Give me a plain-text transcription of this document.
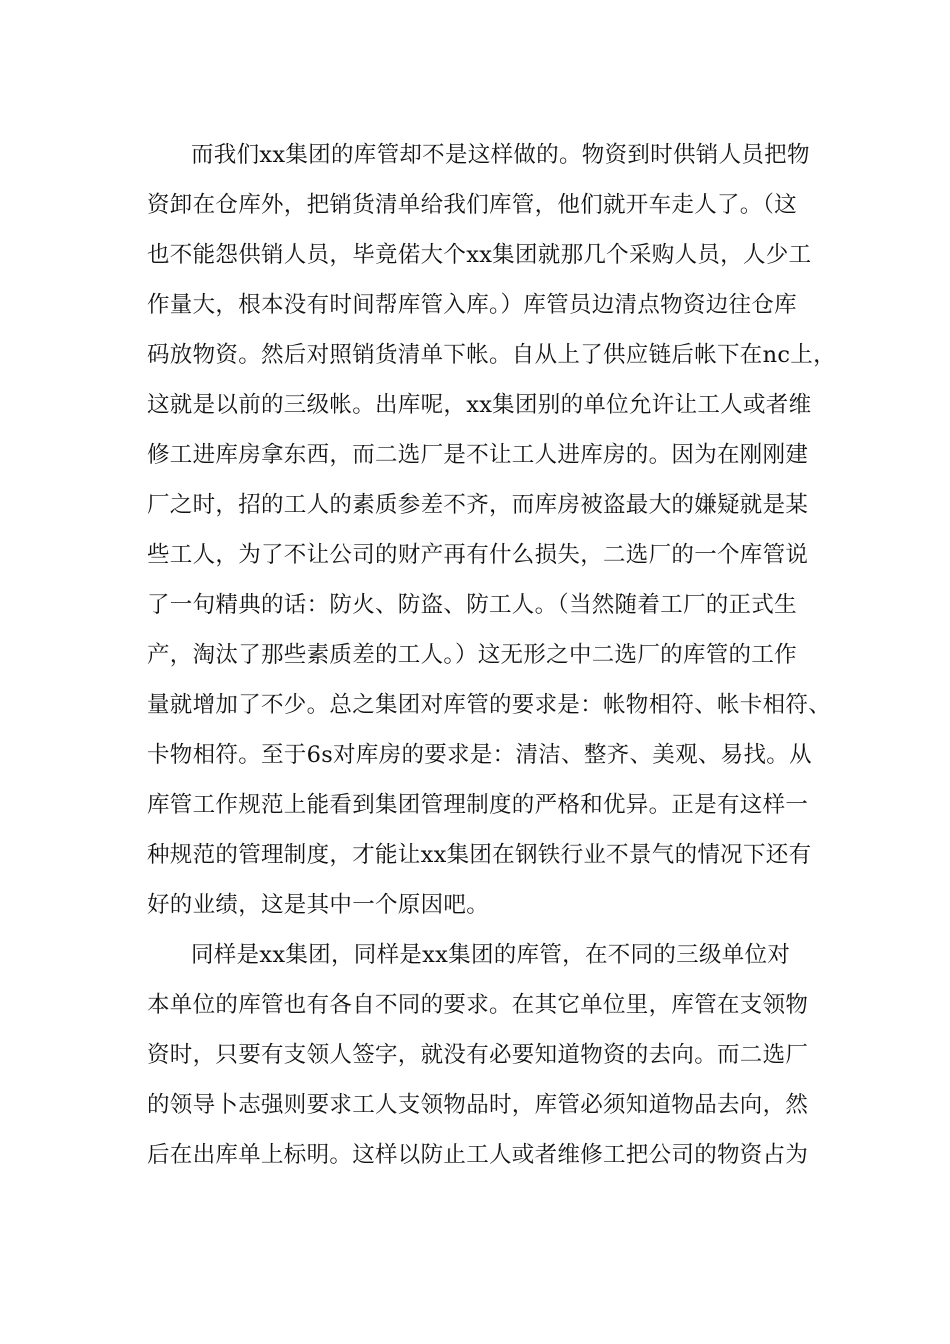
而我们xx集团的库管却不是这样做的。物资到时供销人员把物
资卸在仓库外，把销货清单给我们库管，他们就开车走人了。（这
也不能怨供销人员，毕竟偌大个xx集团就那几个采购人员，人少工
作量大，根本没有时间帮库管入库。）库管员边清点物资边往仓库
码放物资。然后对照销货清单下帐。自从上了供应链后帐下在nc上，
这就是以前的三级帐。出库呢，xx集团别的单位允许让工人或者维
修工进库房拿东西，而二选厂是不让工人进库房的。因为在刚刚建
厂之时，招的工人的素质参差不齐，而库房被盗最大的嫌疑就是某
些工人，为了不让公司的财产再有什么损失，二选厂的一个库管说
了一句精典的话：防火、防盗、防工人。（当然随着工厂的正式生
产，淘汰了那些素质差的工人。）这无形之中二选厂的库管的工作
量就增加了不少。总之集团对库管的要求是：帐物相符、帐卡相符、
卡物相符。至于6s对库房的要求是：清洁、整齐、美观、易找。从
库管工作规范上能看到集团管理制度的严格和优异。正是有这样一
种规范的管理制度，才能让xx集团在钢铁行业不景气的情况下还有
好的业绩，这是其中一个原因吧。
同样是xx集团，同样是xx集团的库管，在不同的三级单位对
本单位的库管也有各自不同的要求。在其它单位里，库管在支领物
资时，只要有支领人签字，就没有必要知道物资的去向。而二选厂
的领导卜志强则要求工人支领物品时，库管必须知道物品去向，然
后在出库单上标明。这样以防止工人或者维修工把公司的物资占为
